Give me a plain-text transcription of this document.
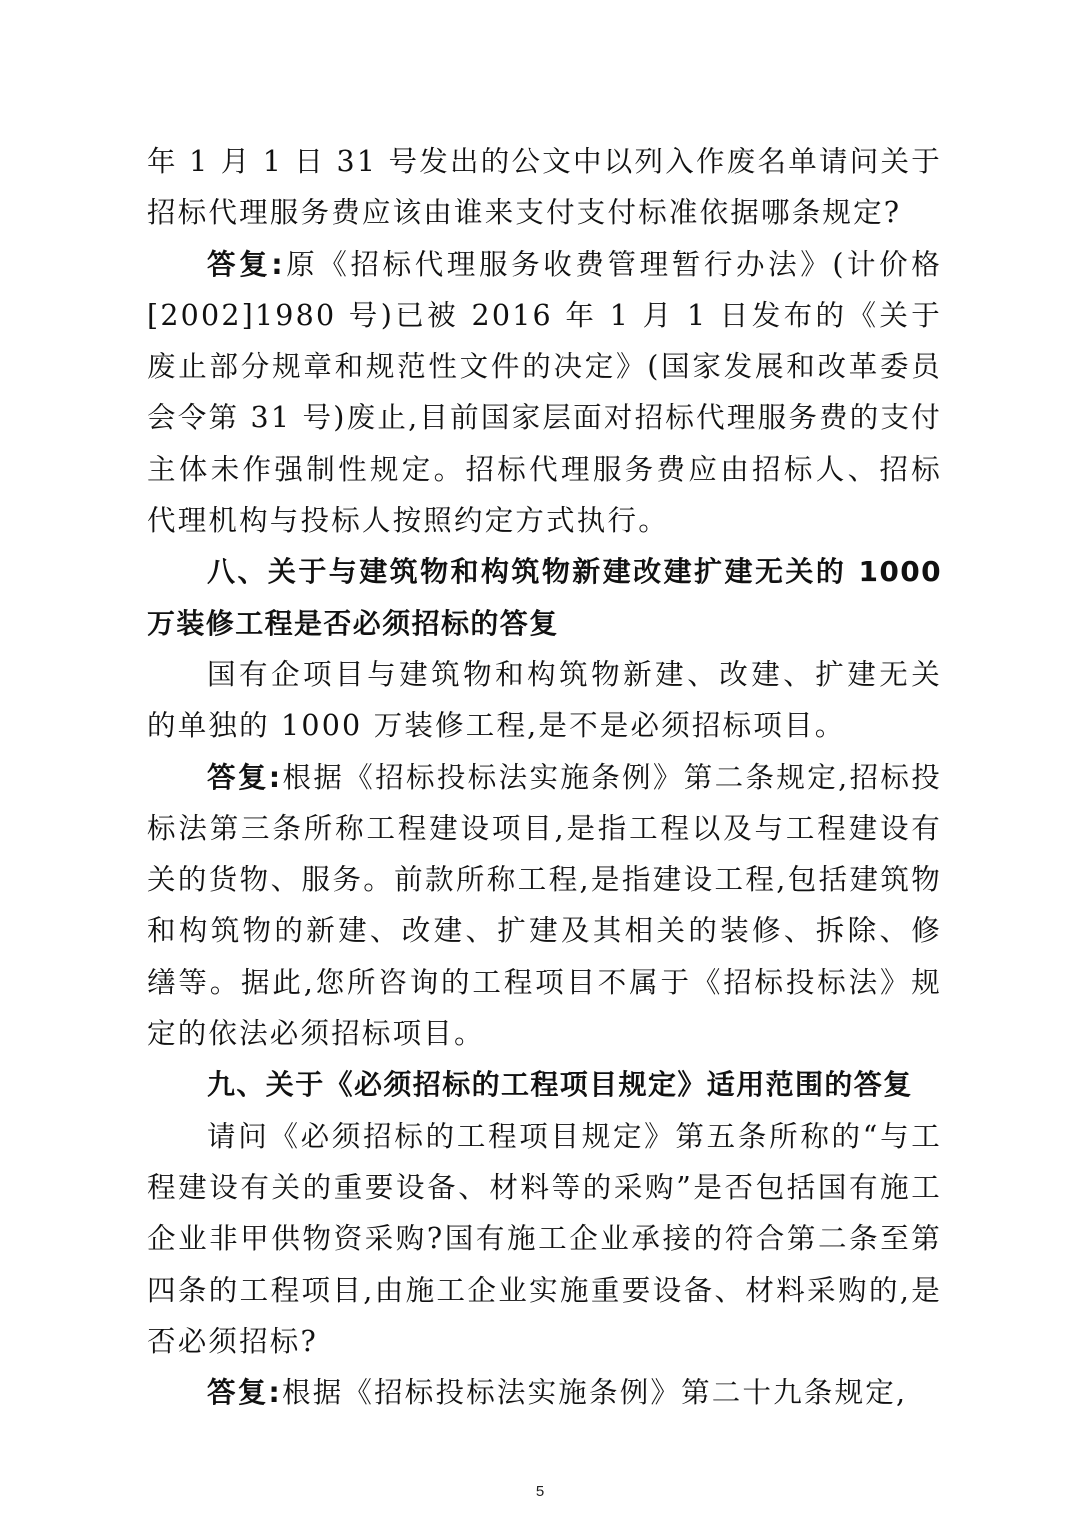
年 1 月 1 日 31 号发出的公文中以列入作废名单请问关于招标代理服务费应该由谁来支付支付标准依据哪条规定?

答复:原《招标代理服务收费管理暂行办法》(计价格[2002]1980 号)已被 2016 年 1 月 1 日发布的《关于废止部分规章和规范性文件的决定》(国家发展和改革委员会令第 31 号)废止,目前国家层面对招标代理服务费的支付主体未作强制性规定。招标代理服务费应由招标人、招标代理机构与投标人按照约定方式执行。

八、关于与建筑物和构筑物新建改建扩建无关的 1000 万装修工程是否必须招标的答复

国有企项目与建筑物和构筑物新建、改建、扩建无关的单独的 1000 万装修工程,是不是必须招标项目。

答复:根据《招标投标法实施条例》第二条规定,招标投标法第三条所称工程建设项目,是指工程以及与工程建设有关的货物、服务。前款所称工程,是指建设工程,包括建筑物和构筑物的新建、改建、扩建及其相关的装修、拆除、修缮等。据此,您所咨询的工程项目不属于《招标投标法》规定的依法必须招标项目。

九、关于《必须招标的工程项目规定》适用范围的答复

请问《必须招标的工程项目规定》第五条所称的“与工程建设有关的重要设备、材料等的采购”是否包括国有施工企业非甲供物资采购?国有施工企业承接的符合第二条至第四条的工程项目,由施工企业实施重要设备、材料采购的,是否必须招标?

答复:根据《招标投标法实施条例》第二十九条规定,

5
